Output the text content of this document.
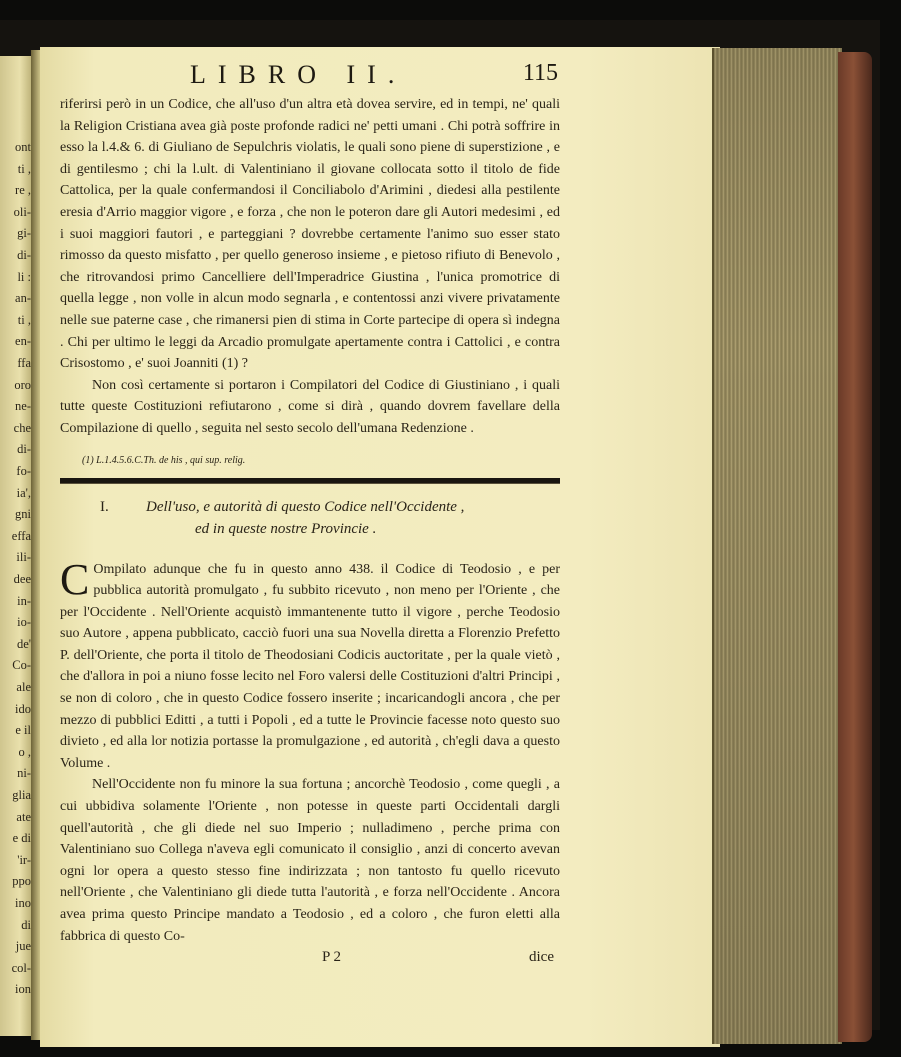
ont
ti ,
re ,
oli-
gi-
di-
li :
an-
ti ,
en-
ffa
oro
ne-
che
di-
fo-
ia',
gni
effa
ili-
dee
in-
io-
de'
Co-
ale
ido
e il
o ,
ni-
glia
ate
e di
'ir-
ppo
ino
di
jue
col-
ion
LIBRO II.	115

riferirsi però in un Codice, che all'uso d'un altra età dovea servire, ed in tempi, ne' quali la Religion Cristiana avea già poste profonde radici ne' petti umani . Chi potrà soffrire in esso la l.4.& 6. di Giuliano de Sepulchris violatis, le quali sono piene di superstizione , e di gentilesmo ; chi la l.ult. di Valentiniano il giovane collocata sotto il titolo de fide Cattolica, per la quale confermandosi il Conciliabolo d'Arimini , diedesi alla pestilente eresia d'Arrio maggior vigore , e forza , che non le poteron dare gli Autori medesimi , ed i suoi maggiori fautori , e parteggiani ? dovrebbe certamente l'animo suo esser stato rimosso da questo misfatto , per quello generoso insieme , e pietoso rifiuto di Benevolo , che ritrovandosi primo Cancelliere dell'Imperadrice Giustina , l'unica promotrice di quella legge , non volle in alcun modo segnarla , e contentossi anzi vivere privatamente nelle sue paterne case , che rimanersi pien di stima in Corte partecipe di opera sì indegna . Chi per ultimo le leggi da Arcadio promulgate apertamente contra i Cattolici , e contra Crisostomo , e' suoi Joanniti (1) ?

Non così certamente si portaron i Compilatori del Codice di Giustiniano , i quali tutte queste Costituzioni refiutarono , come si dirà , quando dovrem favellare della Compilazione di quello , seguita nel sesto secolo dell'umana Redenzione .

(1) L.1.4.5.6.C.Th. de his , qui sup. relig.
I. Dell'uso, e autorità di questo Codice nell'Occidente ,
ed in queste nostre Provincie .

C Ompilato adunque che fu in questo anno 438. il Codice di Teodosio , e per pubblica autorità promulgato , fu subbito ricevuto , non meno per l'Oriente , che per l'Occidente . Nell'Oriente acquistò immantenente tutto il vigore , perche Teodosio suo Autore , appena pubblicato, cacciò fuori una sua Novella diretta a Florenzio Prefetto P. dell'Oriente, che porta il titolo de Theodosiani Codicis auctoritate , per la quale vietò , che d'allora in poi a niuno fosse lecito nel Foro valersi delle Costituzioni d'altri Principi , se non di coloro , che in questo Codice fossero inserite ; incaricandogli ancora , che per mezzo di pubblici Editti , a tutti i Popoli , ed a tutte le Provincie facesse noto questo suo divieto , ed alla lor notizia portasse la promulgazione , ed autorità , ch'egli dava a questo Volume .

Nell'Occidente non fu minore la sua fortuna ; ancorchè Teodosio , come quegli , a cui ubbidiva solamente l'Oriente , non potesse in queste parti Occidentali dargli quell'autorità , che gli diede nel suo Imperio ; nulladimeno , perche prima con Valentiniano suo Collega n'aveva egli comunicato il consiglio , anzi di concerto avevan ogni lor opera a questo stesso fine indirizzata ; non tantosto fu quello ricevuto nell'Oriente , che Valentiniano gli diede tutta l'autorità , e forza nell'Occidente . Ancora avea prima questo Principe mandato a Teodosio , ed a coloro , che furon eletti alla fabbrica di questo Co-

P 2	dice
